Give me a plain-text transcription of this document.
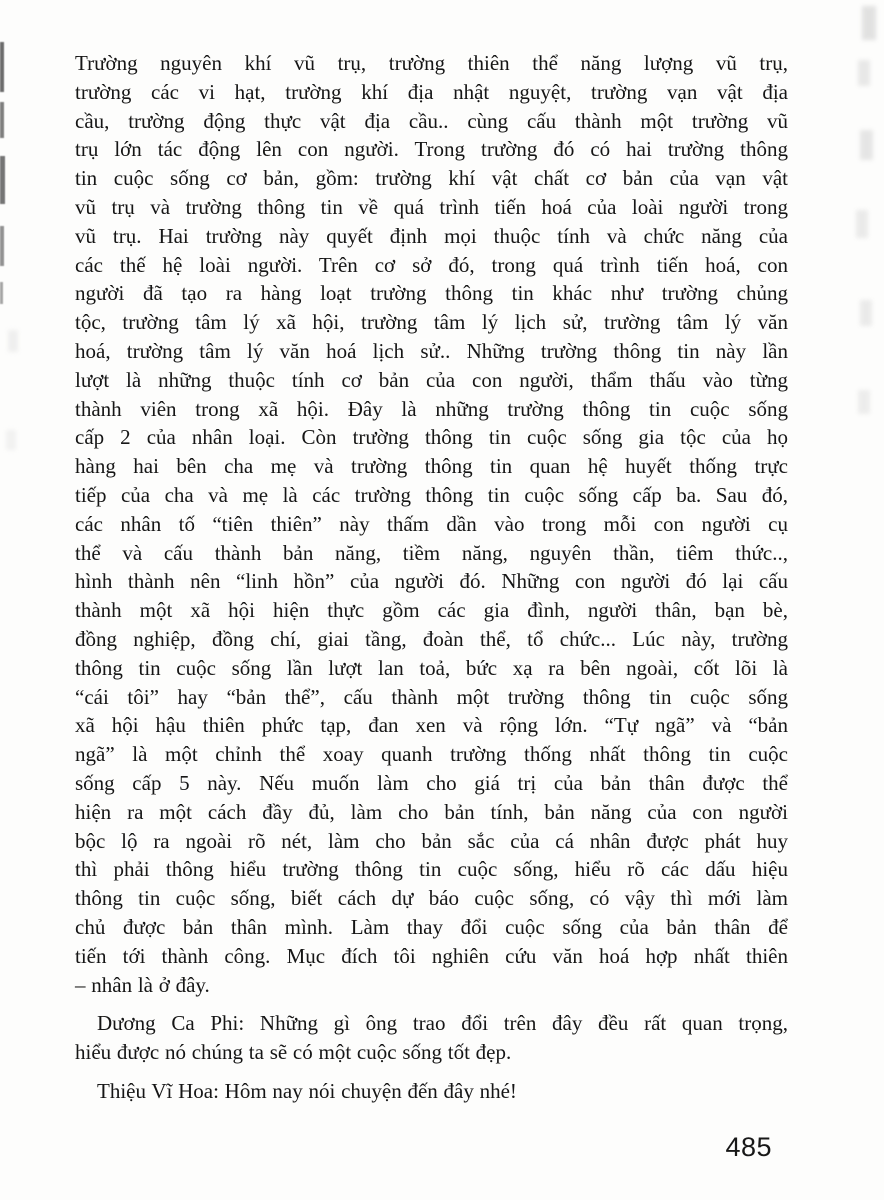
Trường nguyên khí vũ trụ, trường thiên thể năng lượng vũ trụ,
trường các vi hạt, trường khí địa nhật nguyệt, trường vạn vật địa
cầu, trường động thực vật địa cầu.. cùng cấu thành một trường vũ
trụ lớn tác động lên con người. Trong trường đó có hai trường thông
tin cuộc sống cơ bản, gồm: trường khí vật chất cơ bản của vạn vật
vũ trụ và trường thông tin về quá trình tiến hoá của loài người trong
vũ trụ. Hai trường này quyết định mọi thuộc tính và chức năng của
các thế hệ loài người. Trên cơ sở đó, trong quá trình tiến hoá, con
người đã tạo ra hàng loạt trường thông tin khác như trường chủng
tộc, trường tâm lý xã hội, trường tâm lý lịch sử, trường tâm lý văn
hoá, trường tâm lý văn hoá lịch sử.. Những trường thông tin này lần
lượt là những thuộc tính cơ bản của con người, thẩm thấu vào từng
thành viên trong xã hội. Đây là những trường thông tin cuộc sống
cấp 2 của nhân loại. Còn trường thông tin cuộc sống gia tộc của họ
hàng hai bên cha mẹ và trường thông tin quan hệ huyết thống trực
tiếp của cha và mẹ là các trường thông tin cuộc sống cấp ba. Sau đó,
các nhân tố “tiên thiên” này thấm dần vào trong mỗi con người cụ
thể và cấu thành bản năng, tiềm năng, nguyên thần, tiêm thức..,
hình thành nên “linh hồn” của người đó. Những con người đó lại cấu
thành một xã hội hiện thực gồm các gia đình, người thân, bạn bè,
đồng nghiệp, đồng chí, giai tầng, đoàn thể, tổ chức... Lúc này, trường
thông tin cuộc sống lần lượt lan toả, bức xạ ra bên ngoài, cốt lõi là
“cái tôi” hay “bản thể”, cấu thành một trường thông tin cuộc sống
xã hội hậu thiên phức tạp, đan xen và rộng lớn. “Tự ngã” và “bản
ngã” là một chỉnh thể xoay quanh trường thống nhất thông tin cuộc
sống cấp 5 này. Nếu muốn làm cho giá trị của bản thân được thể
hiện ra một cách đầy đủ, làm cho bản tính, bản năng của con người
bộc lộ ra ngoài rõ nét, làm cho bản sắc của cá nhân được phát huy
thì phải thông hiểu trường thông tin cuộc sống, hiểu rõ các dấu hiệu
thông tin cuộc sống, biết cách dự báo cuộc sống, có vậy thì mới làm
chủ được bản thân mình. Làm thay đổi cuộc sống của bản thân để
tiến tới thành công. Mục đích tôi nghiên cứu văn hoá hợp nhất thiên
– nhân là ở đây.
Dương Ca Phi: Những gì ông trao đổi trên đây đều rất quan trọng,
hiểu được nó chúng ta sẽ có một cuộc sống tốt đẹp.
Thiệu Vĩ Hoa: Hôm nay nói chuyện đến đây nhé!
485
